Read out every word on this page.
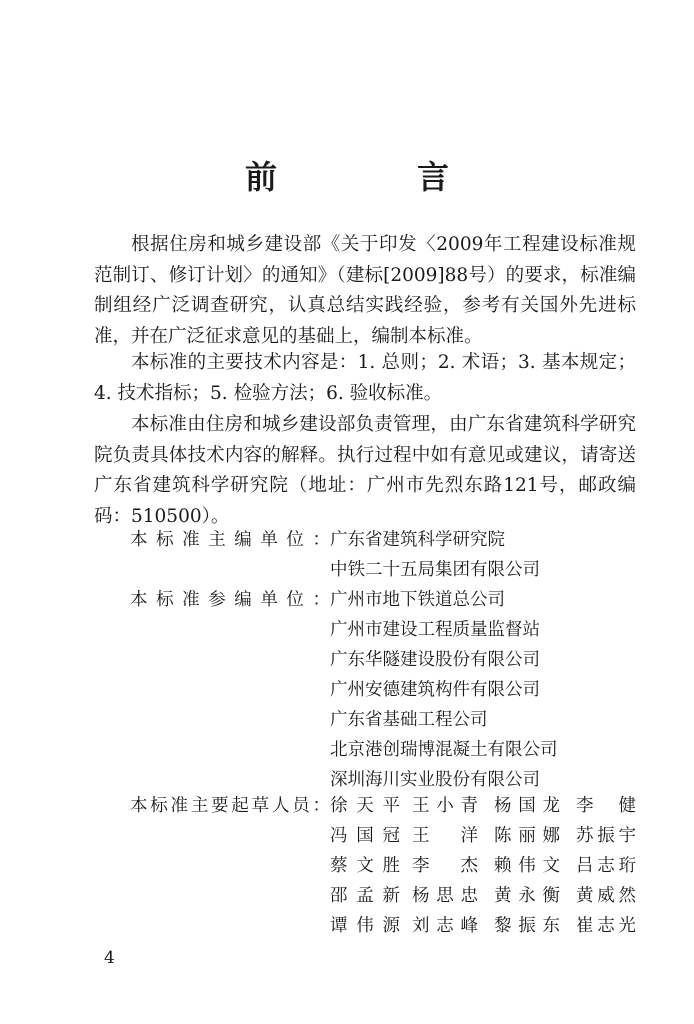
前　言

根据住房和城乡建设部《关于印发〈2009年工程建设标准规范制订、修订计划〉的通知》（建标[2009]88号）的要求，标准编制组经广泛调查研究，认真总结实践经验，参考有关国外先进标准，并在广泛征求意见的基础上，编制本标准。

本标准的主要技术内容是：1. 总则；2. 术语；3. 基本规定；4. 技术指标；5. 检验方法；6. 验收标准。

本标准由住房和城乡建设部负责管理，由广东省建筑科学研究院负责具体技术内容的解释。执行过程中如有意见或建议，请寄送广东省建筑科学研究院（地址：广州市先烈东路121号，邮政编码：510500）。

本标准主编单位： 广东省建筑科学研究院
中铁二十五局集团有限公司
本标准参编单位： 广州市地下铁道总公司
广州市建设工程质量监督站
广东华隧建设股份有限公司
广州安德建筑构件有限公司
广东省基础工程公司
北京港创瑞博混凝土有限公司
深圳海川实业股份有限公司
本标准主要起草人员： 徐天平 王小青 杨国龙 李　健
冯国冠 王　洋 陈丽娜 苏振宇
蔡文胜 李　杰 赖伟文 吕志珩
邵孟新 杨思忠 黄永衡 黄威然
谭伟源 刘志峰 黎振东 崔志光
4
